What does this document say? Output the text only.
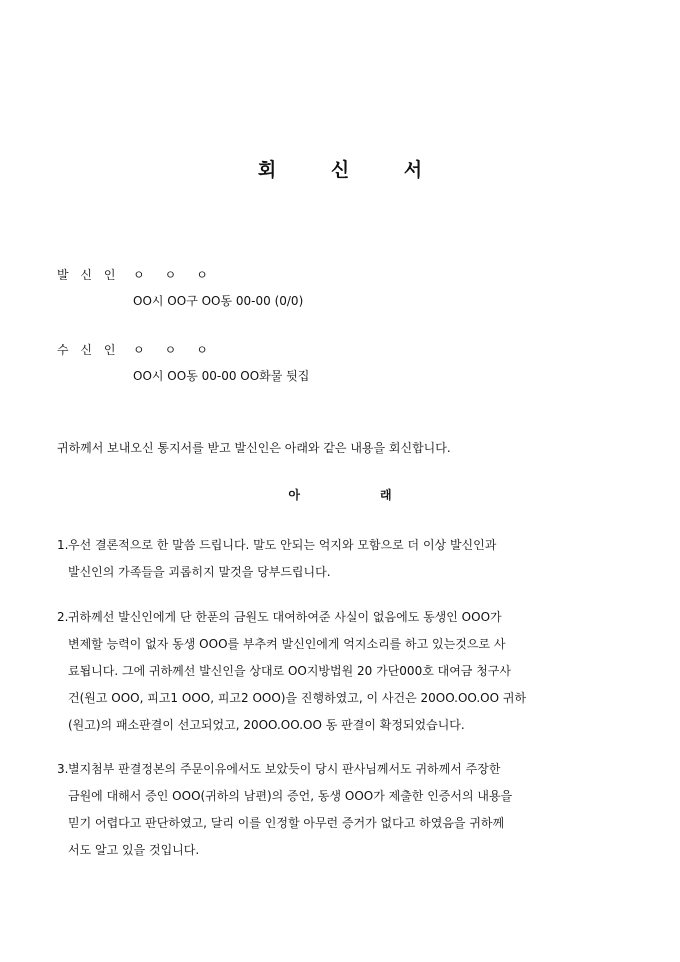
회	신	서
발 신 인 ㅇ ㅇ ㅇ
OO시 OO구 OO동 00-00 (0/0)
수 신 인 ㅇ ㅇ ㅇ
OO시 OO동 00-00 OO화물 뒷집
귀하께서 보내오신 통지서를 받고 발신인은 아래와 같은 내용을 회신합니다.
아	래
1. 우선 결론적으로 한 말씀 드립니다. 말도 안되는 억지와 모함으로 더 이상 발신인과
발신인의 가족들을 괴롭히지 말것을 당부드립니다.
2. 귀하께선 발신인에게 단 한푼의 금원도 대여하여준 사실이 없음에도 동생인 OOO가
변제할 능력이 없자 동생 OOO를 부추켜 발신인에게 억지소리를 하고 있는것으로 사
료됩니다. 그에 귀하께선 발신인을 상대로 OO지방법원 20 가단000호 대여금 청구사
건(원고 OOO, 피고1 OOO, 피고2 OOO)을 진행하였고, 이 사건은 20OO.OO.OO 귀하
(원고)의 패소판결이 선고되었고, 20OO.OO.OO 동 판결이 확정되었습니다.
3. 별지첨부 판결정본의 주문이유에서도 보았듯이 당시 판사님께서도 귀하께서 주장한
금원에 대해서 증인 OOO(귀하의 남편)의 증언, 동생 OOO가 제출한 인증서의 내용을
믿기 어렵다고 판단하였고, 달리 이를 인정할 아무런 증거가 없다고 하였음을 귀하께
서도 알고 있을 것입니다.
